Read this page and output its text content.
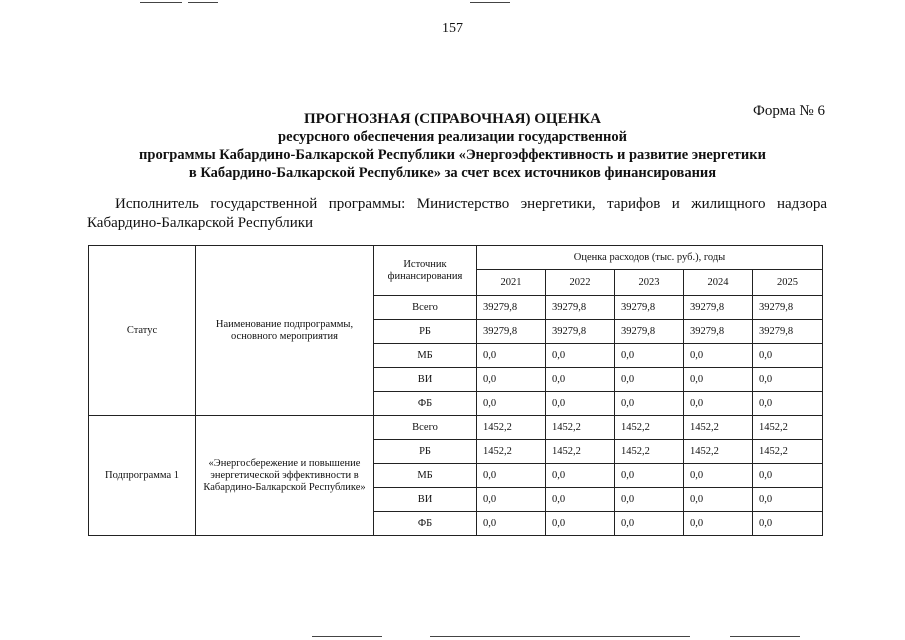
157
Форма № 6
ПРОГНОЗНАЯ (СПРАВОЧНАЯ) ОЦЕНКА
ресурсного обеспечения реализации государственной
программы Кабардино-Балкарской Республики «Энергоэффективность и развитие энергетики
в Кабардино-Балкарской Республике» за счет всех источников финансирования
Исполнитель государственной программы: Министерство энергетики, тарифов и жилищного надзора Кабардино-Балкарской Республики
Статус	Наименование подпрограммы, основного мероприятия	Источник финансирования	Оценка расходов (тыс. руб.), годы				
			2021	2022	2023	2024	2025
		Всего	39279,8	39279,8	39279,8	39279,8	39279,8
		РБ	39279,8	39279,8	39279,8	39279,8	39279,8
		МБ	0,0	0,0	0,0	0,0	0,0
		ВИ	0,0	0,0	0,0	0,0	0,0
		ФБ	0,0	0,0	0,0	0,0	0,0
Подпрограмма 1	«Энергосбережение и повышение энергетической эффективности в Кабардино-Балкарской Республике»	Всего	1452,2	1452,2	1452,2	1452,2	1452,2
		РБ	1452,2	1452,2	1452,2	1452,2	1452,2
		МБ	0,0	0,0	0,0	0,0	0,0
		ВИ	0,0	0,0	0,0	0,0	0,0
		ФБ	0,0	0,0	0,0	0,0	0,0
